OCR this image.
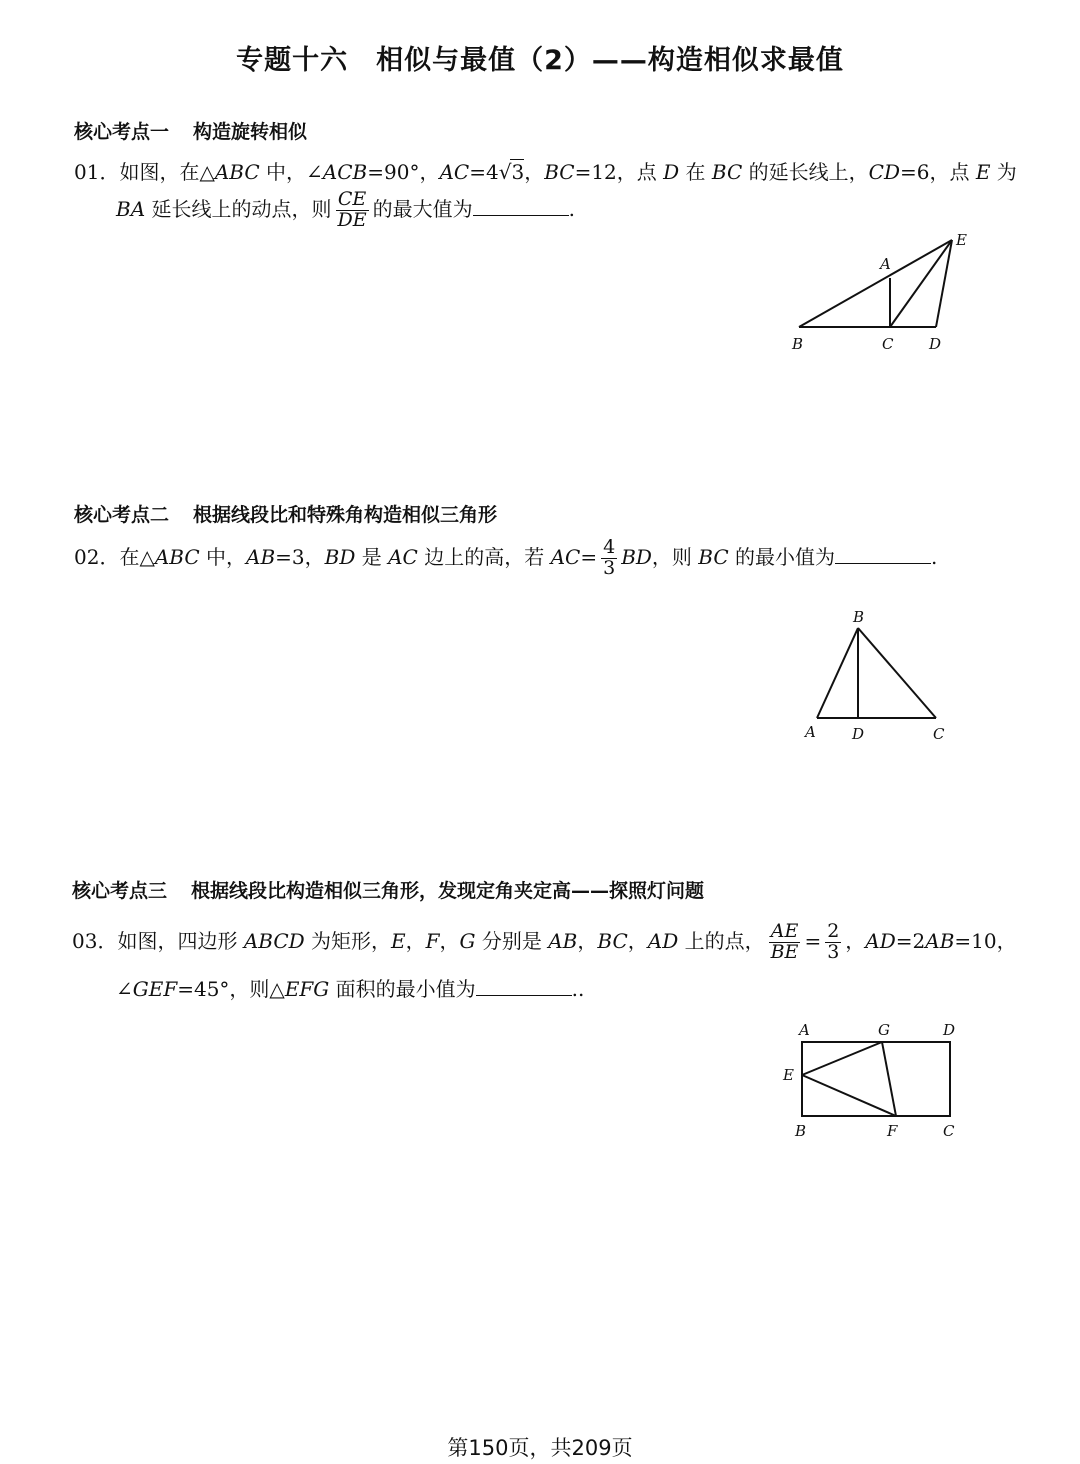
专题十六　相似与最值（2）——构造相似求最值
核心考点一 构造旋转相似
01．如图，在△ABC 中，∠ACB=90°，AC=4√3，BC=12，点 D 在 BC 的延长线上，CD=6，点 E 为
BA 延长线上的动点，则 $\frac{CE}{DE}$ 的最大值为	.
A
B	C D
E
核心考点二 根据线段比和特殊角构造相似三角形
02．在△ABC 中，AB=3，BD 是 AC 边上的高，若 $AC= \frac{4}{3}$ BD，则 BC 的最小值为	.
B
A D	C
核心考点三 根据线段比构造相似三角形，发现定角夹定高——探照灯问题
03．如图，四边形 ABCD 为矩形，E，F，G 分别是 AB，BC，AD 上的点， $\frac{AE}{BE} = \frac{2}{3}$ ，AD=2AB=10，
∠GEF=45°，则△EFG 面积的最小值为	..
A	G	D
E
B	F	C
第150页，共209页
